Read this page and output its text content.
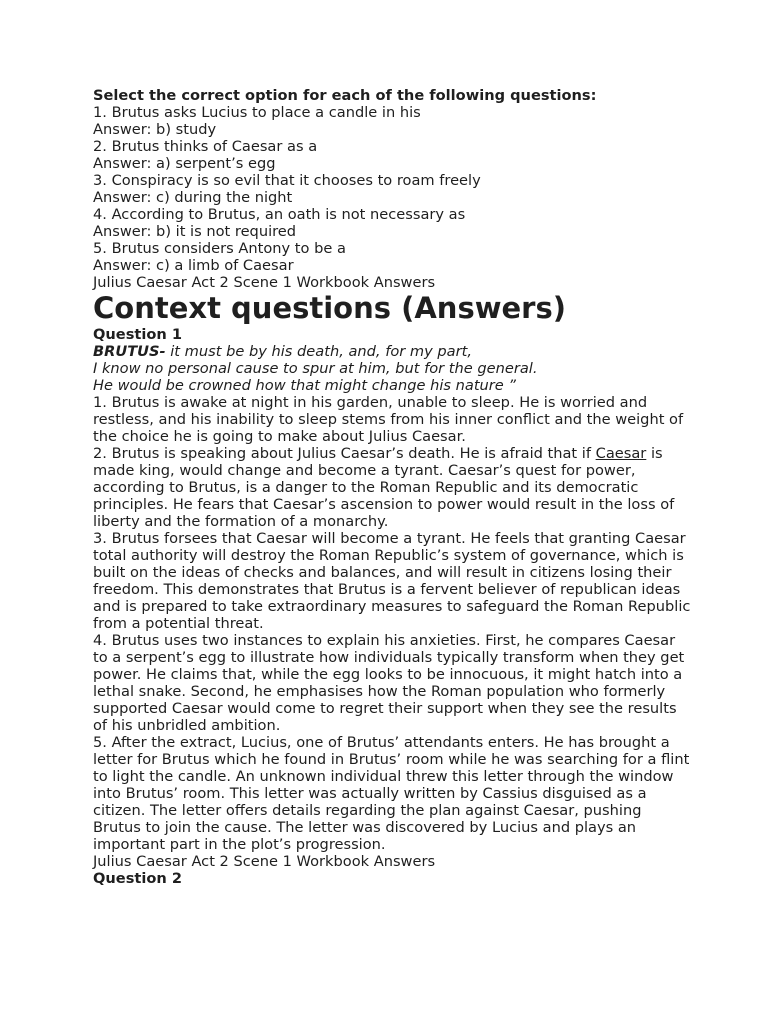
Select the correct option for each of the following questions:
1. Brutus asks Lucius to place a candle in his
Answer: b) study
2. Brutus thinks of Caesar as a
Answer: a) serpent’s egg
3. Conspiracy is so evil that it chooses to roam freely
Answer: c) during the night
4. According to Brutus, an oath is not necessary as
Answer: b) it is not required
5. Brutus considers Antony to be a
Answer: c) a limb of Caesar
Julius Caesar Act 2 Scene 1 Workbook Answers
Context questions (Answers)
Question 1
BRUTUS- it must be by his death, and, for my part,
I know no personal cause to spur at him, but for the general.
He would be crowned how that might change his nature ”
1. Brutus is awake at night in his garden, unable to sleep. He is worried and restless, and his inability to sleep stems from his inner conflict and the weight of the choice he is going to make about Julius Caesar.
2. Brutus is speaking about Julius Caesar’s death. He is afraid that if Caesar is made king, would change and become a tyrant. Caesar’s quest for power, according to Brutus, is a danger to the Roman Republic and its democratic principles. He fears that Caesar’s ascension to power would result in the loss of liberty and the formation of a monarchy.
3. Brutus forsees that Caesar will become a tyrant. He feels that granting Caesar total authority will destroy the Roman Republic’s system of governance, which is built on the ideas of checks and balances, and will result in citizens losing their freedom. This demonstrates that Brutus is a fervent believer of republican ideas and is prepared to take extraordinary measures to safeguard the Roman Republic from a potential threat.
4. Brutus uses two instances to explain his anxieties. First, he compares Caesar to a serpent’s egg to illustrate how individuals typically transform when they get power. He claims that, while the egg looks to be innocuous, it might hatch into a lethal snake. Second, he emphasises how the Roman population who formerly supported Caesar would come to regret their support when they see the results of his unbridled ambition.
5. After the extract, Lucius, one of Brutus’ attendants enters. He has brought a letter for Brutus which he found in Brutus’ room while he was searching for a flint to light the candle. An unknown individual threw this letter through the window into Brutus’ room. This letter was actually written by Cassius disguised as a citizen. The letter offers details regarding the plan against Caesar, pushing Brutus to join the cause. The letter was discovered by Lucius and plays an important part in the plot’s progression.
Julius Caesar Act 2 Scene 1 Workbook Answers
Question 2
